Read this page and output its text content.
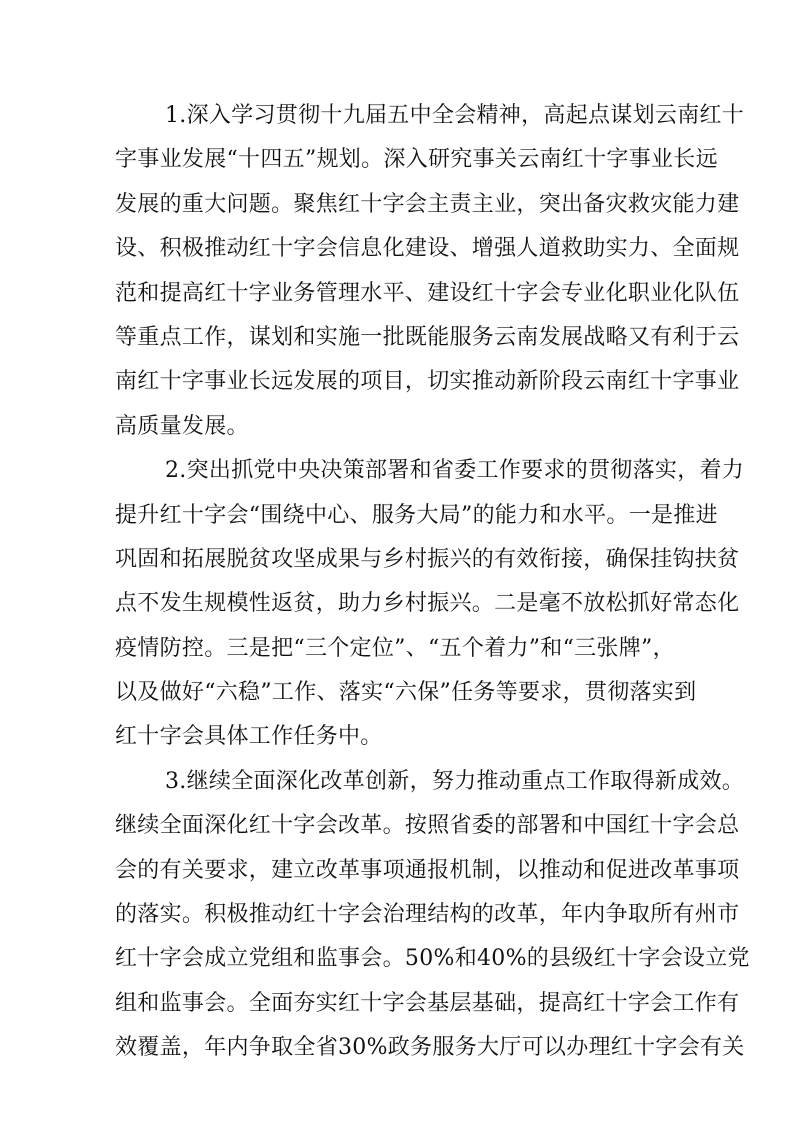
1.深入学习贯彻十九届五中全会精神，高起点谋划云南红十
字事业发展“十四五”规划。深入研究事关云南红十字事业长远
发展的重大问题。聚焦红十字会主责主业，突出备灾救灾能力建
设、积极推动红十字会信息化建设、增强人道救助实力、全面规
范和提高红十字业务管理水平、建设红十字会专业化职业化队伍
等重点工作，谋划和实施一批既能服务云南发展战略又有利于云
南红十字事业长远发展的项目，切实推动新阶段云南红十字事业
高质量发展。
2.突出抓党中央决策部署和省委工作要求的贯彻落实，着力
提升红十字会“围绕中心、服务大局”的能力和水平。一是推进
巩固和拓展脱贫攻坚成果与乡村振兴的有效衔接，确保挂钩扶贫
点不发生规模性返贫，助力乡村振兴。二是毫不放松抓好常态化
疫情防控。三是把“三个定位”、“五个着力”和“三张牌”，
以及做好“六稳”工作、落实“六保”任务等要求，贯彻落实到
红十字会具体工作任务中。
3.继续全面深化改革创新，努力推动重点工作取得新成效。
继续全面深化红十字会改革。按照省委的部署和中国红十字会总
会的有关要求，建立改革事项通报机制，以推动和促进改革事项
的落实。积极推动红十字会治理结构的改革，年内争取所有州市
红十字会成立党组和监事会。50%和40%的县级红十字会设立党
组和监事会。全面夯实红十字会基层基础，提高红十字会工作有
效覆盖，年内争取全省30%政务服务大厅可以办理红十字会有关
